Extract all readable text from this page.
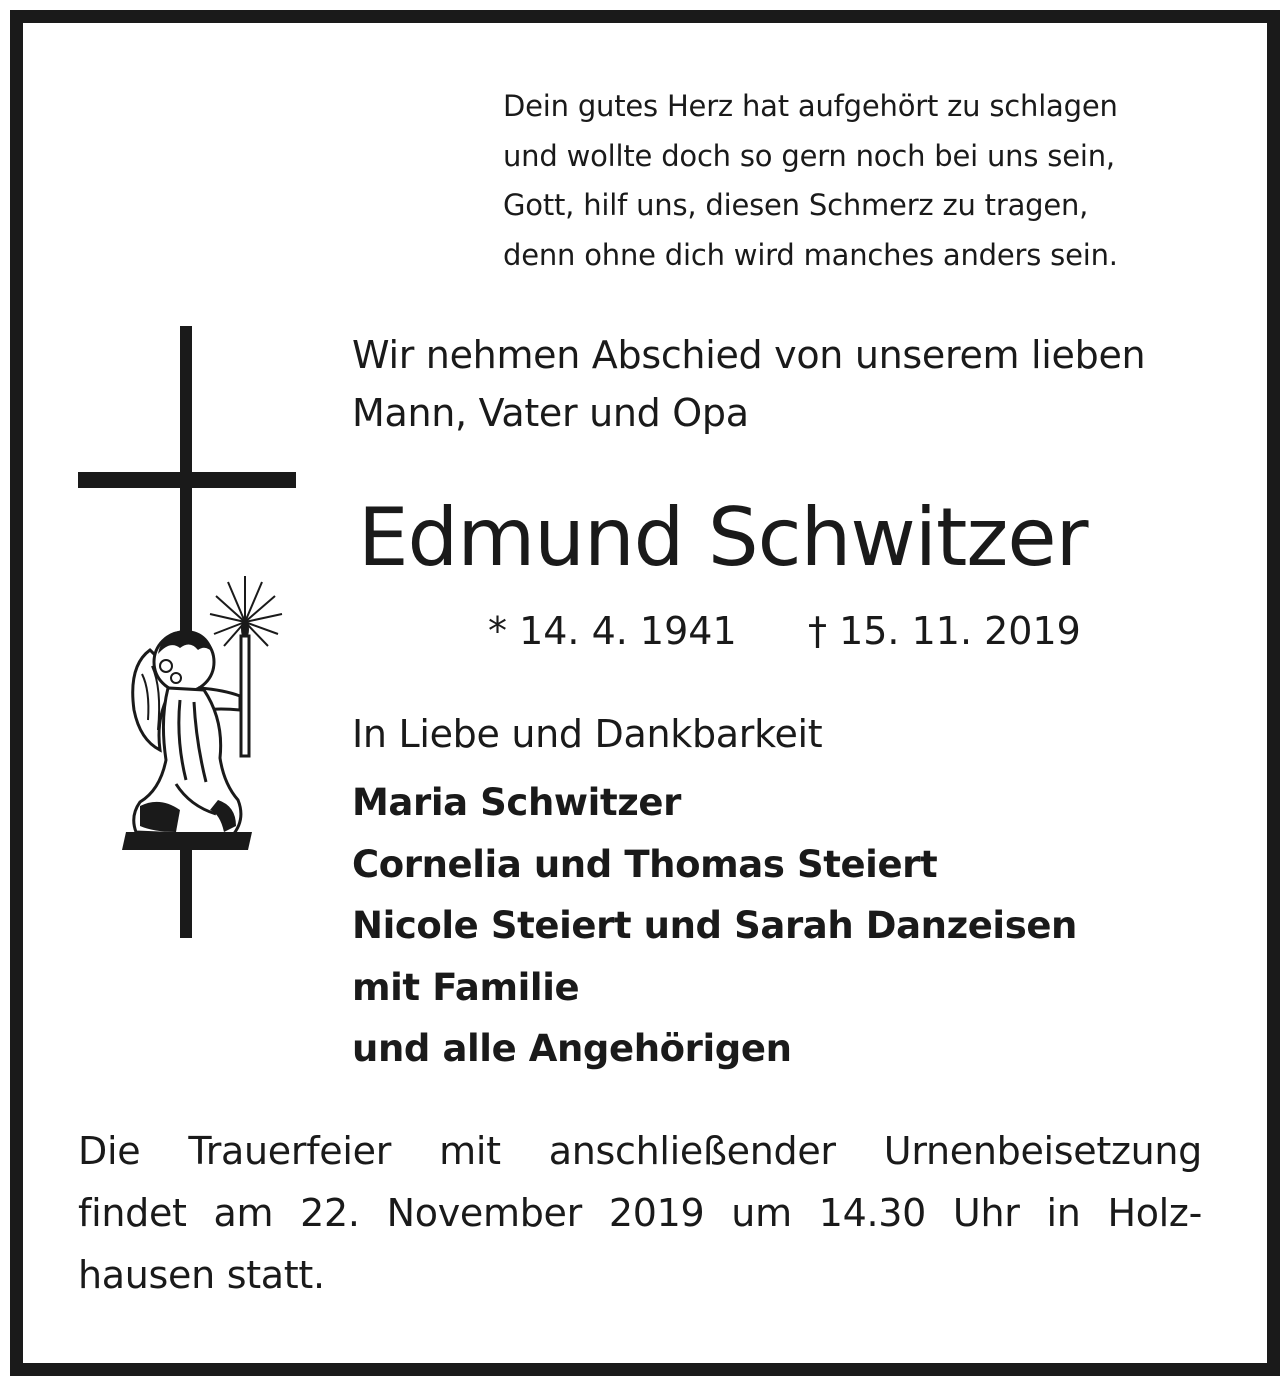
Dein gutes Herz hat aufgehört zu schlagen
und wollte doch so gern noch bei uns sein,
Gott, hilf uns, diesen Schmerz zu tragen,
denn ohne dich wird manches anders sein.
Wir nehmen Abschied von unserem lieben
Mann, Vater und Opa
Edmund Schwitzer
* 14. 4. 1941 † 15. 11. 2019
In Liebe und Dankbarkeit
Maria Schwitzer
Cornelia und Thomas Steiert
Nicole Steiert und Sarah Danzeisen
mit Familie
und alle Angehörigen
Die Trauerfeier mit anschließender Urnenbeisetzung
findet am 22. November 2019 um 14.30 Uhr in Holz-
hausen statt.
